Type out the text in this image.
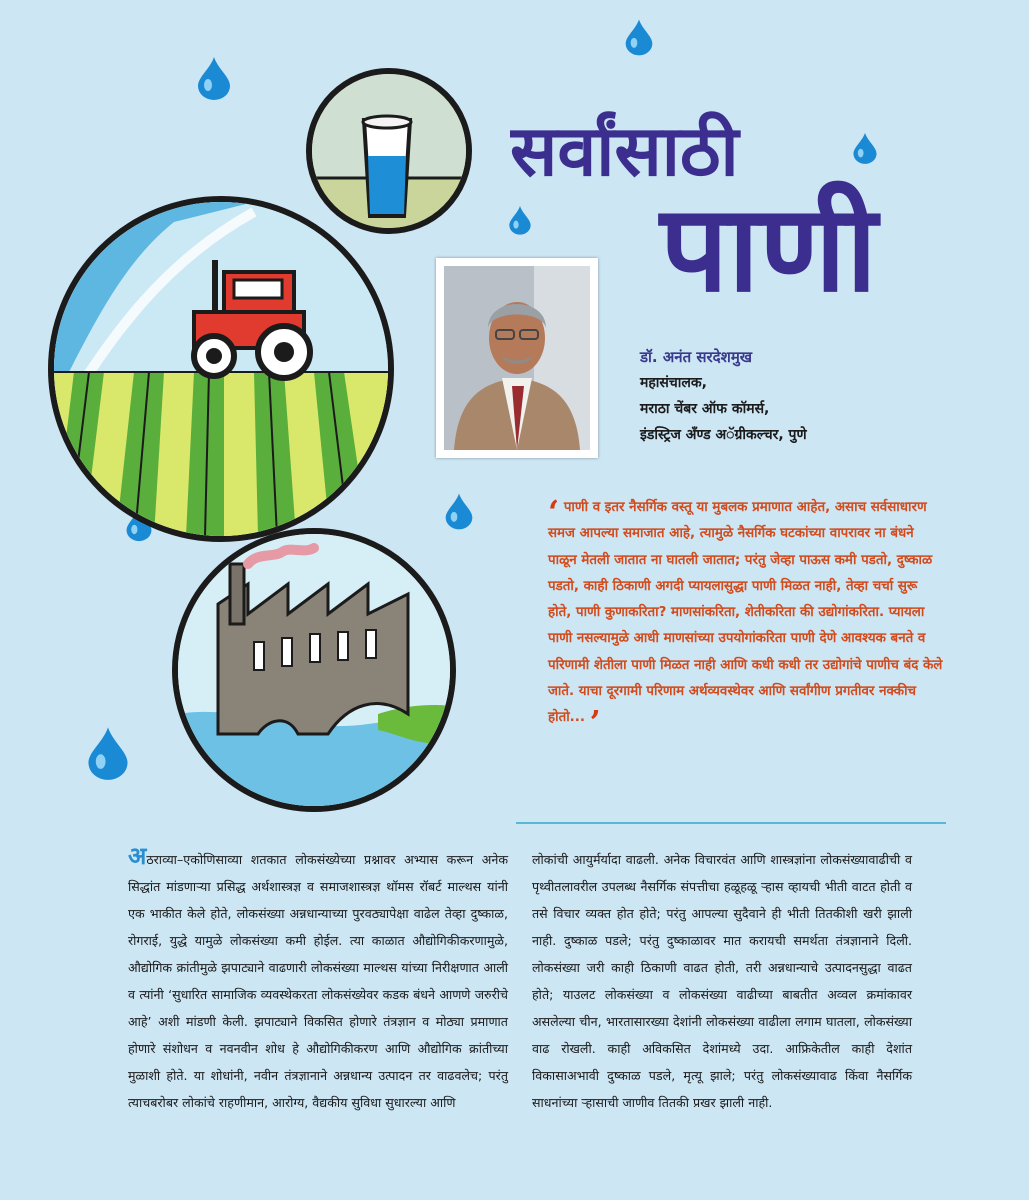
सर्वांसाठी
पाणी
डॉ. अनंत सरदेशमुख
महासंचालक,
मराठा चेंबर ऑफ कॉमर्स,
इंडस्ट्रिज अँण्ड अॅग्रीकल्चर, पुणे
‘ पाणी व इतर नैसर्गिक वस्तू या मुबलक प्रमाणात आहेत, असाच सर्वसाधारण समज आपल्या समाजात आहे, त्यामुळे नैसर्गिक घटकांच्या वापरावर ना बंधने पाळून मेतली जातात ना घातली जातात; परंतु जेव्हा पाऊस कमी पडतो, दुष्काळ पडतो, काही ठिकाणी अगदी प्यायलासुद्धा पाणी मिळत नाही, तेव्हा चर्चा सुरू होते, पाणी कुणाकरिता? माणसांकरिता, शेतीकरिता की उद्योगांकरिता. प्यायला पाणी नसल्यामुळे आधी माणसांच्या उपयोगांकरिता पाणी देणे आवश्यक बनते व परिणामी शेतीला पाणी मिळत नाही आणि कधी कधी तर उद्योगांचे पाणीच बंद केले जाते. याचा दूरगामी परिणाम अर्थव्यवस्थेवर आणि सर्वांगीण प्रगतीवर नक्कीच होतो... ’
अठराव्या–एकोणिसाव्या शतकात लोकसंख्येच्या प्रश्नावर अभ्यास करून अनेक सिद्धांत मांडणाऱ्या प्रसिद्ध अर्थशास्त्रज्ञ व समाजशास्त्रज्ञ थॉमस रॉबर्ट माल्थस यांनी एक भाकीत केले होते, लोकसंख्या अन्नधान्याच्या पुरवठ्यापेक्षा वाढेल तेव्हा दुष्काळ, रोगराई, युद्धे यामुळे लोकसंख्या कमी होईल. त्या काळात औद्योगिकीकरणामुळे, औद्योगिक क्रांतीमुळे झपाट्याने वाढणारी लोकसंख्या माल्थस यांच्या निरीक्षणात आली व त्यांनी ‘सुधारित सामाजिक व्यवस्थेकरता लोकसंख्येवर कडक बंधने आणणे जरुरीचे आहे’ अशी मांडणी केली. झपाट्याने विकसित होणारे तंत्रज्ञान व मोठ्या प्रमाणात होणारे संशोधन व नवनवीन शोध हे औद्योगिकीकरण आणि औद्योगिक क्रांतीच्या मुळाशी होते. या शोधांनी, नवीन तंत्रज्ञानाने अन्नधान्य उत्पादन तर वाढवलेच; परंतु त्याचबरोबर लोकांचे राहणीमान, आरोग्य, वैद्यकीय सुविधा सुधारल्या आणि
लोकांची आयुर्मर्यादा वाढली. अनेक विचारवंत आणि शास्त्रज्ञांना लोकसंख्यावाढीची व पृथ्वीतलावरील उपलब्ध नैसर्गिक संपत्तीचा हळूहळू ऱ्हास व्हायची भीती वाटत होती व तसे विचार व्यक्त होत होते; परंतु आपल्या सुदैवाने ही भीती तितकीशी खरी झाली नाही. दुष्काळ पडले; परंतु दुष्काळावर मात करायची समर्थता तंत्रज्ञानाने दिली. लोकसंख्या जरी काही ठिकाणी वाढत होती, तरी अन्नधान्याचे उत्पादनसुद्धा वाढत होते; याउलट लोकसंख्या व लोकसंख्या वाढीच्या बाबतीत अव्वल क्रमांकावर असलेल्या चीन, भारतासारख्या देशांनी लोकसंख्या वाढीला लगाम घातला, लोकसंख्या वाढ रोखली. काही अविकसित देशांमध्ये उदा. आफ्रिकेतील काही देशांत विकासाअभावी दुष्काळ पडले, मृत्यू झाले; परंतु लोकसंख्यावाढ किंवा नैसर्गिक साधनांच्या ऱ्हासाची जाणीव तितकी प्रखर झाली नाही.
